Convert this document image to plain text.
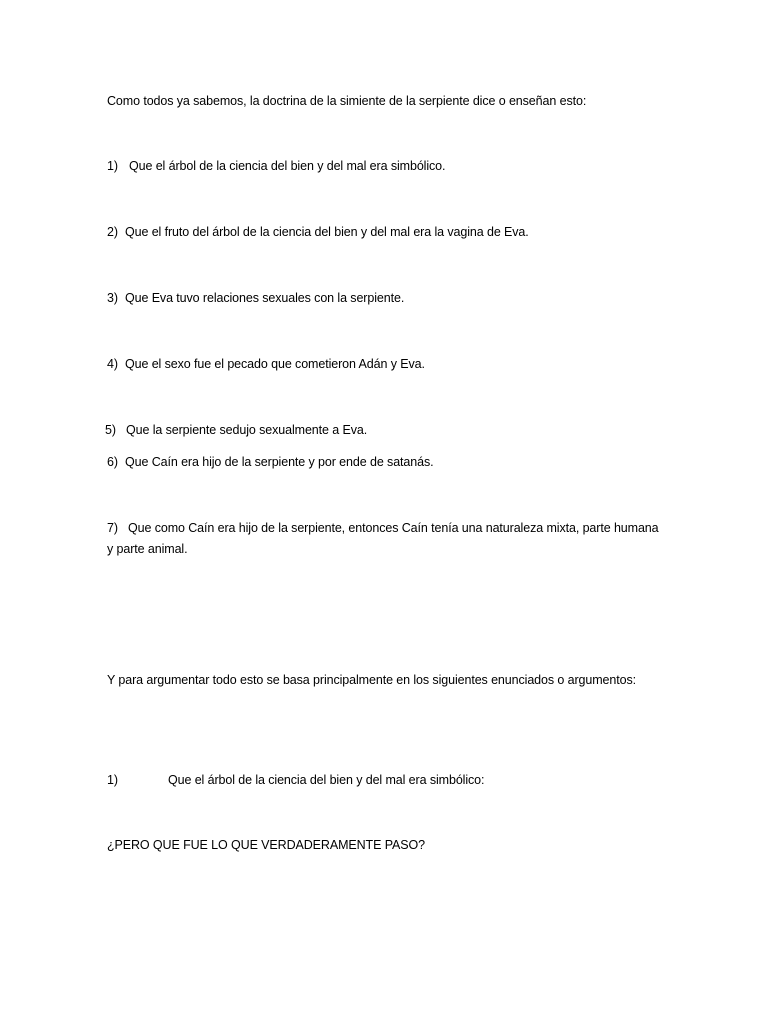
Como todos ya sabemos, la doctrina de la simiente de la serpiente dice o enseñan esto:
1) Que el árbol de la ciencia del bien y del mal era simbólico.
2) Que el fruto del árbol de la ciencia del bien y del mal era la vagina de Eva.
3) Que Eva tuvo relaciones sexuales con la serpiente.
4) Que el sexo fue el pecado que cometieron Adán y Eva.
5) Que la serpiente sedujo sexualmente a Eva.
6) Que Caín era hijo de la serpiente y por ende de satanás.
7) Que como Caín era hijo de la serpiente, entonces Caín tenía una naturaleza mixta, parte humana y parte animal.
Y para argumentar todo esto se basa principalmente en los siguientes enunciados o argumentos:
1)	Que el árbol de la ciencia del bien y del mal era simbólico:
¿PERO QUE FUE LO QUE VERDADERAMENTE PASO?
